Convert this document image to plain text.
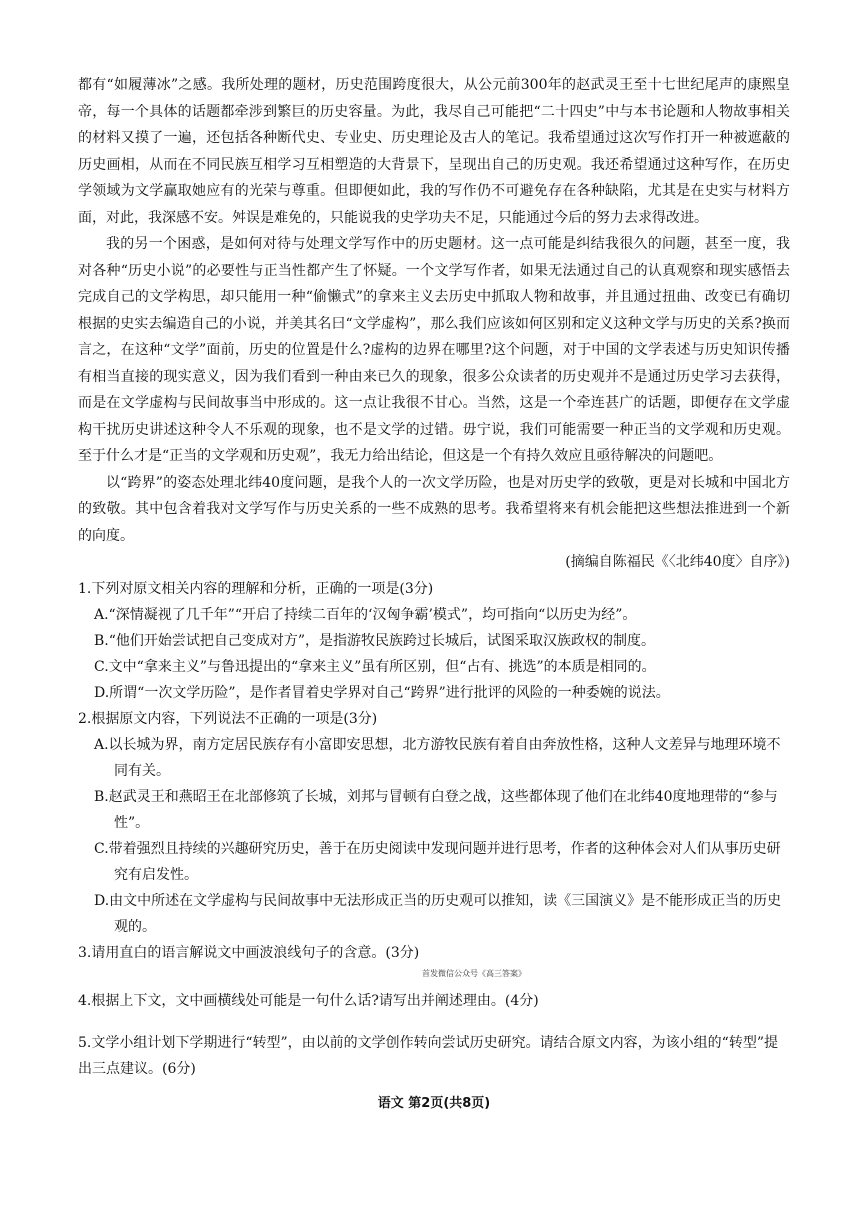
都有“如履薄冰”之感。我所处理的题材，历史范围跨度很大，从公元前300年的赵武灵王至十七世纪尾声的康熙皇帝，每一个具体的话题都牵涉到繁巨的历史容量。为此，我尽自己可能把“二十四史”中与本书论题和人物故事相关的材料又摸了一遍，还包括各种断代史、专业史、历史理论及古人的笔记。我希望通过这次写作打开一种被遮蔽的历史画相，从而在不同民族互相学习互相塑造的大背景下，呈现出自己的历史观。我还希望通过这种写作，在历史学领域为文学赢取她应有的光荣与尊重。但即便如此，我的写作仍不可避免存在各种缺陷，尤其是在史实与材料方面，对此，我深感不安。舛误是难免的，只能说我的史学功夫不足，只能通过今后的努力去求得改进。

我的另一个困惑，是如何对待与处理文学写作中的历史题材。这一点可能是纠结我很久的问题，甚至一度，我对各种“历史小说”的必要性与正当性都产生了怀疑。一个文学写作者，如果无法通过自己的认真观察和现实感悟去完成自己的文学构思，却只能用一种“偷懒式”的拿来主义去历史中抓取人物和故事，并且通过扭曲、改变已有确切根据的史实去编造自己的小说，并美其名曰“文学虚构”，那么我们应该如何区别和定义这种文学与历史的关系?换而言之，在这种“文学”面前，历史的位置是什么?虚构的边界在哪里?这个问题，对于中国的文学表述与历史知识传播有相当直接的现实意义，因为我们看到一种由来已久的现象，很多公众读者的历史观并不是通过历史学习去获得，而是在文学虚构与民间故事当中形成的。这一点让我很不甘心。当然，这是一个牵连甚广的话题，即便存在文学虚构干扰历史讲述这种令人不乐观的现象，也不是文学的过错。毋宁说，我们可能需要一种正当的文学观和历史观。至于什么才是“正当的文学观和历史观”，我无力给出结论，但这是一个有持久效应且亟待解决的问题吧。

以“跨界”的姿态处理北纬40度问题，是我个人的一次文学历险，也是对历史学的致敬，更是对长城和中国北方的致敬。其中包含着我对文学写作与历史关系的一些不成熟的思考。我希望将来有机会能把这些想法推进到一个新的向度。

(摘编自陈福民《〈北纬40度〉自序》)

1.下列对原文相关内容的理解和分析，正确的一项是(3分)

A.“深情凝视了几千年”“开启了持续二百年的‘汉匈争霸’模式”，均可指向“以历史为经”。

B.“他们开始尝试把自己变成对方”，是指游牧民族跨过长城后，试图采取汉族政权的制度。

C.文中“拿来主义”与鲁迅提出的“拿来主义”虽有所区别，但“占有、挑选”的本质是相同的。

D.所谓“一次文学历险”，是作者冒着史学界对自己“跨界”进行批评的风险的一种委婉的说法。

2.根据原文内容，下列说法不正确的一项是(3分)

A.以长城为界，南方定居民族存有小富即安思想，北方游牧民族有着自由奔放性格，这种人文差异与地理环境不同有关。

B.赵武灵王和燕昭王在北部修筑了长城，刘邦与冒顿有白登之战，这些都体现了他们在北纬40度地理带的“参与性”。

C.带着强烈且持续的兴趣研究历史，善于在历史阅读中发现问题并进行思考，作者的这种体会对人们从事历史研究有启发性。

D.由文中所述在文学虚构与民间故事中无法形成正当的历史观可以推知，读《三国演义》是不能形成正当的历史观的。

3.请用直白的语言解说文中画波浪线句子的含意。(3分)

首发微信公众号《高三答案》

4.根据上下文，文中画横线处可能是一句什么话?请写出并阐述理由。(4分)

5.文学小组计划下学期进行“转型”，由以前的文学创作转向尝试历史研究。请结合原文内容，为该小组的“转型”提出三点建议。(6分)

语文 第2页(共8页)
